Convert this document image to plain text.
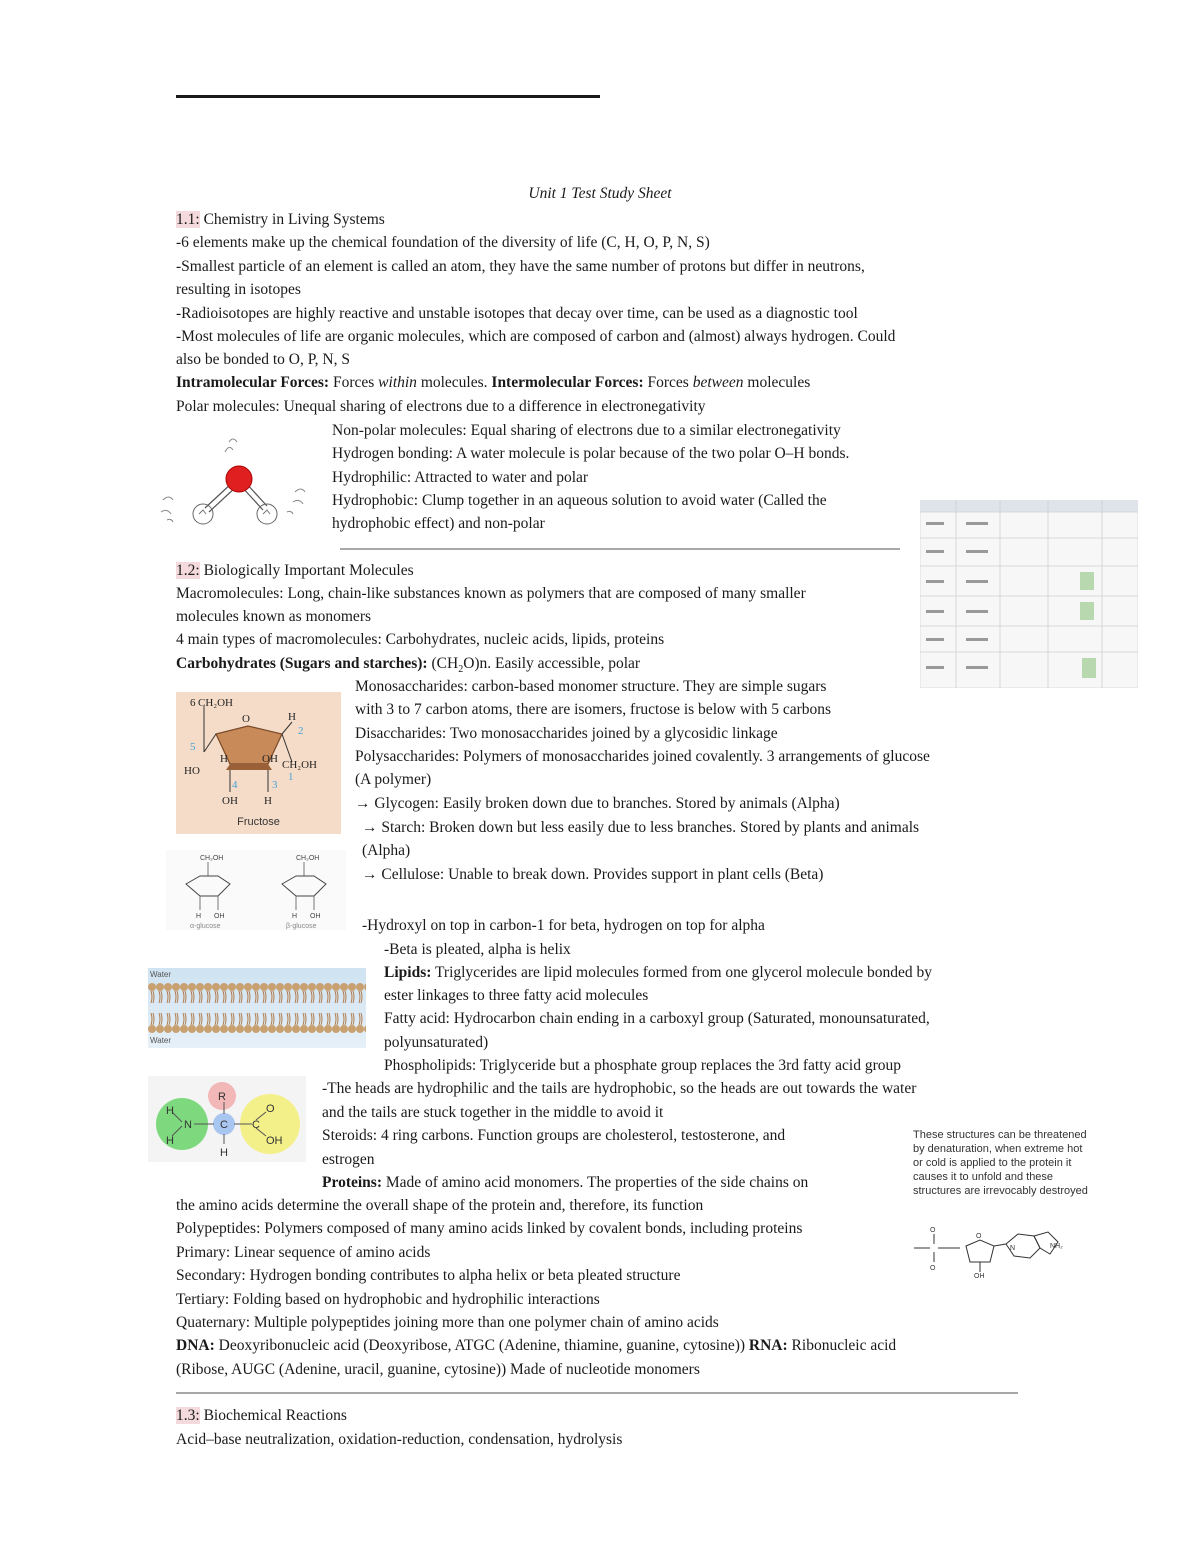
Unit 1 Test Study Sheet
1.1: Chemistry in Living Systems
-6 elements make up the chemical foundation of the diversity of life (C, H, O, P, N, S)
-Smallest particle of an element is called an atom, they have the same number of protons but differ in neutrons,
resulting in isotopes
-Radioisotopes are highly reactive and unstable isotopes that decay over time, can be used as a diagnostic tool
-Most molecules of life are organic molecules, which are composed of carbon and (almost) always hydrogen. Could
also be bonded to O, P, N, S
Intramolecular Forces: Forces within molecules. Intermolecular Forces: Forces between molecules
Polar molecules: Unequal sharing of electrons due to a difference in electronegativity
Non-polar molecules: Equal sharing of electrons due to a similar electronegativity
Hydrogen bonding: A water molecule is polar because of the two polar O–H bonds.
Hydrophilic: Attracted to water and polar
Hydrophobic: Clump together in an aqueous solution to avoid water (Called the
hydrophobic effect) and non-polar
1.2: Biologically Important Molecules
Macromolecules: Long, chain-like substances known as polymers that are composed of many smaller
molecules known as monomers
4 main types of macromolecules: Carbohydrates, nucleic acids, lipids, proteins
Carbohydrates (Sugars and starches): $(CH_2O)n$. Easily accessible, polar
Monosaccharides: carbon-based monomer structure. They are simple sugars
with 3 to 7 carbon atoms, there are isomers, fructose is below with 5 carbons
Disaccharides: Two monosaccharides joined by a glycosidic linkage
Polysaccharides: Polymers of monosaccharides joined covalently. 3 arrangements of glucose
(A polymer)
→ Glycogen: Easily broken down due to branches. Stored by animals (Alpha)
→ Starch: Broken down but less easily due to less branches. Stored by plants and animals
(Alpha)
→ Cellulose: Unable to break down. Provides support in plant cells (Beta)
6 CH₂OH
O	H
2
5
HO
H	OH CH₂OH
1
4	3
OH H
Fructose
CH₂OH	CH₂OH
H OH	H OH
α-glucose	β-glucose	-Hydroxyl on top in carbon-1 for beta, hydrogen on top for alpha
-Beta is pleated, alpha is helix
Lipids: Triglycerides are lipid molecules formed from one glycerol molecule bonded by
ester linkages to three fatty acid molecules
Fatty acid: Hydrocarbon chain ending in a carboxyl group (Saturated, monounsaturated,
polyunsaturated)
Phospholipids: Triglyceride but a phosphate group replaces the 3rd fatty acid group
Water
Water
-The heads are hydrophilic and the tails are hydrophobic, so the heads are out towards the water
and the tails are stuck together in the middle to avoid it
Steroids: 4 ring carbons. Function groups are cholesterol, testosterone, and
estrogen
Proteins: Made of amino acid monomers. The properties of the side chains on
H
N
H
R
C
H
C
O
OH	These structures can be threatened by denaturation, when extreme hot or cold is applied to the protein it causes it to unfold and these structures are irrevocably destroyed
O
O
O
N	NH₂
OH
the amino acids determine the overall shape of the protein and, therefore, its function
Polypeptides: Polymers composed of many amino acids linked by covalent bonds, including proteins
Primary: Linear sequence of amino acids
Secondary: Hydrogen bonding contributes to alpha helix or beta pleated structure
Tertiary: Folding based on hydrophobic and hydrophilic interactions
Quaternary: Multiple polypeptides joining more than one polymer chain of amino acids
DNA: Deoxyribonucleic acid (Deoxyribose, ATGC (Adenine, thiamine, guanine, cytosine)) RNA: Ribonucleic acid
(Ribose, AUGC (Adenine, uracil, guanine, cytosine)) Made of nucleotide monomers
1.3: Biochemical Reactions
Acid–base neutralization, oxidation-reduction, condensation, hydrolysis
